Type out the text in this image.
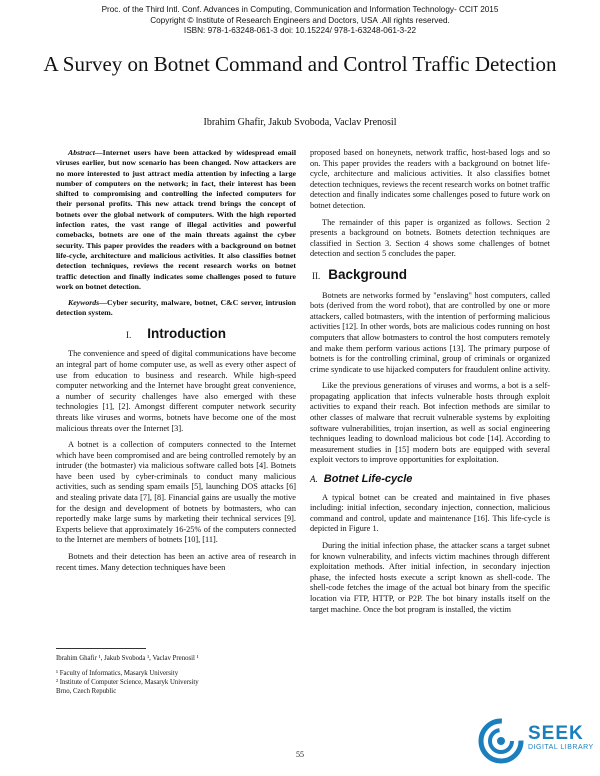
Proc. of the Third Intl. Conf. Advances in Computing, Communication and Information Technology- CCIT 2015
Copyright © Institute of Research Engineers and Doctors, USA .All rights reserved.
ISBN: 978-1-63248-061-3 doi: 10.15224/ 978-1-63248-061-3-22
A Survey on Botnet Command and Control Traffic Detection
Ibrahim Ghafir, Jakub Svoboda, Vaclav Prenosil

Abstract—Internet users have been attacked by widespread email viruses earlier, but now scenario has been changed. Now attackers are no more interested to just attract media attention by infecting a large number of computers on the network; in fact, their interest has been shifted to compromising and controlling the infected computers for their personal profits. This new attack trend brings the concept of botnets over the global network of computers. With the high reported infection rates, the vast range of illegal activities and powerful comebacks, botnets are one of the main threats against the cyber security. This paper provides the readers with a background on botnet life-cycle, architecture and malicious activities. It also classifies botnet detection techniques, reviews the recent research works on botnet traffic detection and finally indicates some challenges posed to future work on botnet detection.

Keywords—Cyber security, malware, botnet, C&C server, intrusion detection system.

I. Introduction

The convenience and speed of digital communications have become an integral part of home computer use, as well as every other aspect of use from education to business and research. While high-speed computer networking and the Internet have brought great convenience, a number of security challenges have also emerged with these technologies [1], [2]. Amongst different computer network security threats like viruses and worms, botnets have become one of the most malicious threats over the Internet [3].

A botnet is a collection of computers connected to the Internet which have been compromised and are being controlled remotely by an intruder (the botmaster) via malicious software called bots [4]. Botnets have been used by cyber-criminals to conduct many malicious activities, such as sending spam emails [5], launching DOS attacks [6] and stealing private data [7], [8]. Financial gains are usually the motive for the design and development of botnets by botmasters, who can reportedly make large sums by marketing their technical services [9]. Experts believe that approximately 16-25% of the computers connected to the Internet are members of botnets [10], [11].

Botnets and their detection has been an active area of research in recent times. Many detection techniques have been

Ibrahim Ghafir ¹, Jakub Svoboda ¹, Vaclav Prenosil ¹
¹ Faculty of Informatics, Masaryk University
² Institute of Computer Science, Masaryk University
Brno, Czech Republic

proposed based on honeynets, network traffic, host-based logs and so on. This paper provides the readers with a background on botnet life-cycle, architecture and malicious activities. It also classifies botnet detection techniques, reviews the recent research works on botnet traffic detection and finally indicates some challenges posed to future work on botnet detection.

The remainder of this paper is organized as follows. Section 2 presents a background on botnets. Botnets detection techniques are classified in Section 3. Section 4 shows some challenges of botnet detection and section 5 concludes the paper.

II. Background

Botnets are networks formed by "enslaving" host computers, called bots (derived from the word robot), that are controlled by one or more attackers, called botmasters, with the intention of performing malicious activities [12]. In other words, bots are malicious codes running on host computers that allow botmasters to control the host computers remotely and make them perform various actions [13]. The primary purpose of botnets is for the controlling criminal, group of criminals or organized crime syndicate to use hijacked computers for fraudulent online activity.

Like the previous generations of viruses and worms, a bot is a self-propagating application that infects vulnerable hosts through exploit activities to expand their reach. Bot infection methods are similar to other classes of malware that recruit vulnerable systems by exploiting software vulnerabilities, trojan insertion, as well as social engineering techniques leading to download malicious bot code [14]. According to measurement studies in [15] modern bots are equipped with several exploit vectors to improve opportunities for exploitation.

A. Botnet Life-cycle

A typical botnet can be created and maintained in five phases including: initial infection, secondary injection, connection, malicious command and control, update and maintenance [16]. This life-cycle is depicted in Figure 1.

During the initial infection phase, the attacker scans a target subnet for known vulnerability, and infects victim machines through different exploitation methods. After initial infection, in secondary injection phase, the infected hosts execute a script known as shell-code. The shell-code fetches the image of the actual bot binary from the specific location via FTP, HTTP, or P2P. The bot binary installs itself on the target machine. Once the bot program is installed, the victim

55
SEEK
DIGITAL LIBRARY
